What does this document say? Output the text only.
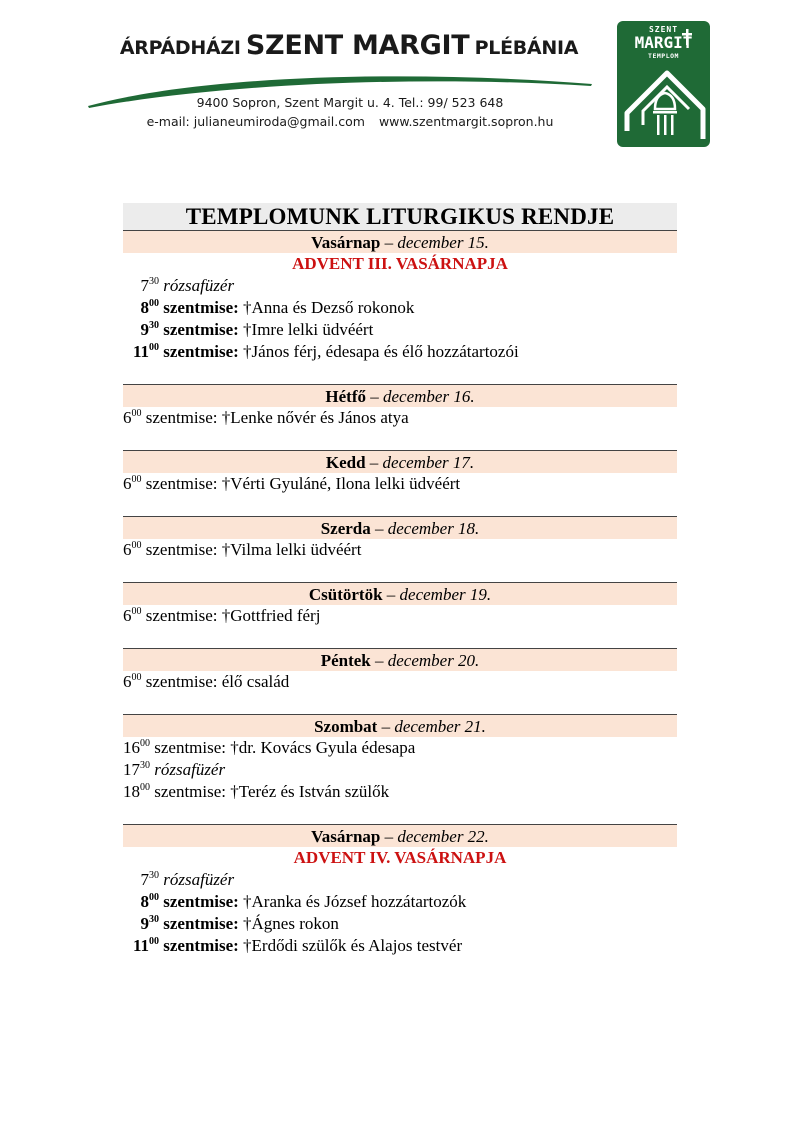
ÁRPÁDHÁZI SZENT MARGIT PLÉBÁNIA
9400 Sopron, Szent Margit u. 4. Tel.: 99/ 523 648
e-mail: julianeumiroda@gmail.com www.szentmargit.sopron.hu
SZENT
MARGIT
TEMPLOM
TEMPLOMUNK LITURGIKUS RENDJE
Vasárnap – december 15.
ADVENT III. VASÁRNAPJA
$7^{30}$ rózsafüzér
$8^{00}$ szentmise: †Anna és Dezső rokonok
$9^{30}$ szentmise: †Imre lelki üdvéért
$11^{00}$ szentmise: †János férj, édesapa és élő hozzátartozói
Hétfő – december 16.
$6^{00}$ szentmise: †Lenke nővér és János atya
Kedd – december 17.
$6^{00}$ szentmise: †Vérti Gyuláné, Ilona lelki üdvéért
Szerda – december 18.
$6^{00}$ szentmise: †Vilma lelki üdvéért
Csütörtök – december 19.
$6^{00}$ szentmise: †Gottfried férj
Péntek – december 20.
$6^{00}$ szentmise: élő család
Szombat – december 21.
$16^{00}$ szentmise: †dr. Kovács Gyula édesapa
$17^{30}$ rózsafüzér
$18^{00}$ szentmise: †Teréz és István szülők
Vasárnap – december 22.
ADVENT IV. VASÁRNAPJA
$7^{30}$ rózsafüzér
$8^{00}$ szentmise: †Aranka és József hozzátartozók
$9^{30}$ szentmise: †Ágnes rokon
$11^{00}$ szentmise: †Erdődi szülők és Alajos testvér
